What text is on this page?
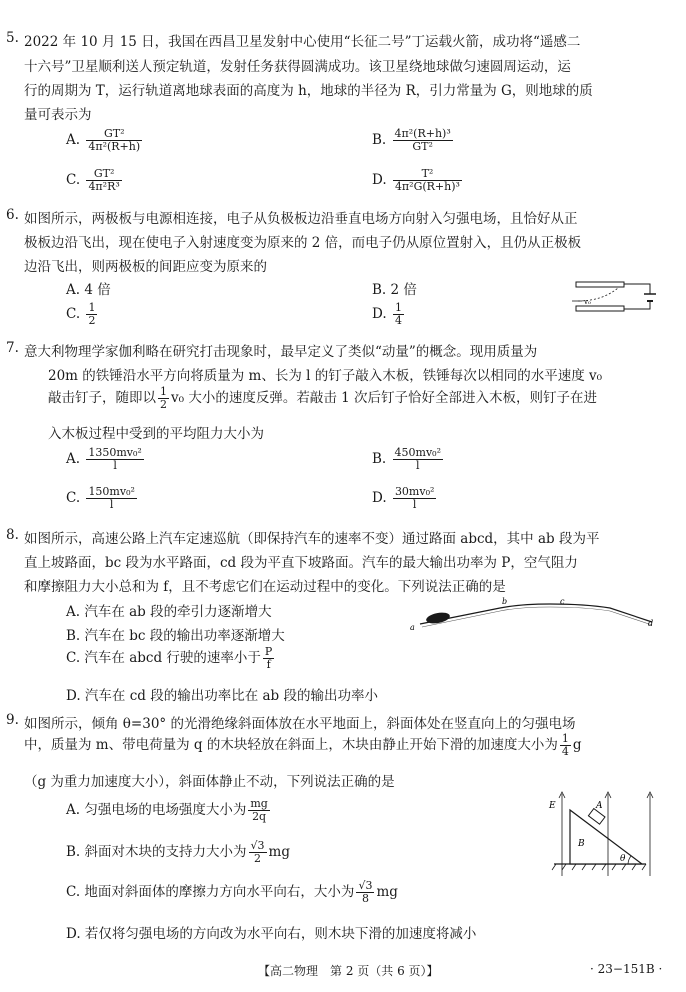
5. 2022 年 10 月 15 日，我国在西昌卫星发射中心使用“长征二号”丁运载火箭，成功将“遥感二
十六号”卫星顺利送人预定轨道，发射任务获得圆满成功。该卫星绕地球做匀速圆周运动，运
行的周期为 T，运行轨道离地球表面的高度为 h，地球的半径为 R，引力常量为 G，则地球的质
量可表示为
A. $\frac{\text{GT²}}{\text{4π²(R+h)}}$	B. $\frac{\text{4π²(R+h)³}}{\text{GT²}}$
C. $\frac{\text{GT²}}{\text{4π²R³}}$	D. $\frac{\text{T²}}{\text{4π²G(R+h)³}}$
6. 如图所示，两极板与电源相连接，电子从负极板边沿垂直电场方向射入匀强电场，且恰好从正
极板边沿飞出，现在使电子入射速度变为原来的 2 倍，而电子仍从原位置射入，且仍从正极板
边沿飞出，则两极板的间距应变为原来的
A. 4 倍	B. 2 倍
C. $\frac{1}{2}$	D. $\frac{1}{4}$	v₀
7. 意大利物理学家伽利略在研究打击现象时，最早定义了类似“动量”的概念。现用质量为
20m 的铁锤沿水平方向将质量为 m、长为 l 的钉子敲入木板，铁锤每次以相同的水平速度 v₀
敲击钉子，随即以 $\frac{1}{2} v_0$ 大小的速度反弹。若敲击 1 次后钉子恰好全部进入木板，则钉子在进
入木板过程中受到的平均阻力大小为
A. $\frac{\text{1350mv₀²}}{l}$	B. $\frac{\text{450mv₀²}}{l}$
C. $\frac{\text{150mv₀²}}{l}$	D. $\frac{\text{30mv₀²}}{l}$
8. 如图所示，高速公路上汽车定速巡航（即保持汽车的速率不变）通过路面 abcd，其中 ab 段为平
直上坡路面，bc 段为水平路面，cd 段为平直下坡路面。汽车的最大输出功率为 P，空气阻力
和摩擦阻力大小总和为 f，且不考虑它们在运动过程中的变化。下列说法正确的是
A. 汽车在 ab 段的牵引力逐渐增大
B. 汽车在 bc 段的输出功率逐渐增大
C. 汽车在 abcd 行驶的速率小于 $\frac{P}{f}$
D. 汽车在 cd 段的输出功率比在 ab 段的输出功率小
a
b	c
d
9. 如图所示，倾角 θ=30° 的光滑绝缘斜面体放在水平地面上，斜面体处在竖直向上的匀强电场
中，质量为 m、带电荷量为 q 的木块轻放在斜面上，木块由静止开始下滑的加速度大小为 $\frac{1}{4}$ g
（g 为重力加速度大小），斜面体静止不动，下列说法正确的是
A. 匀强电场的电场强度大小为 $\frac{mg}{2q}$
B. 斜面对木块的支持力大小为 $\frac{√3}{2}$ mg
C. 地面对斜面体的摩擦力方向水平向右，大小为 $\frac{√3}{8}$ mg
D. 若仅将匀强电场的方向改为水平向右，则木块下滑的加速度将减小
E	A
B
θ
【高二物理　第 2 页（共 6 页）】	· 23−151B ·
